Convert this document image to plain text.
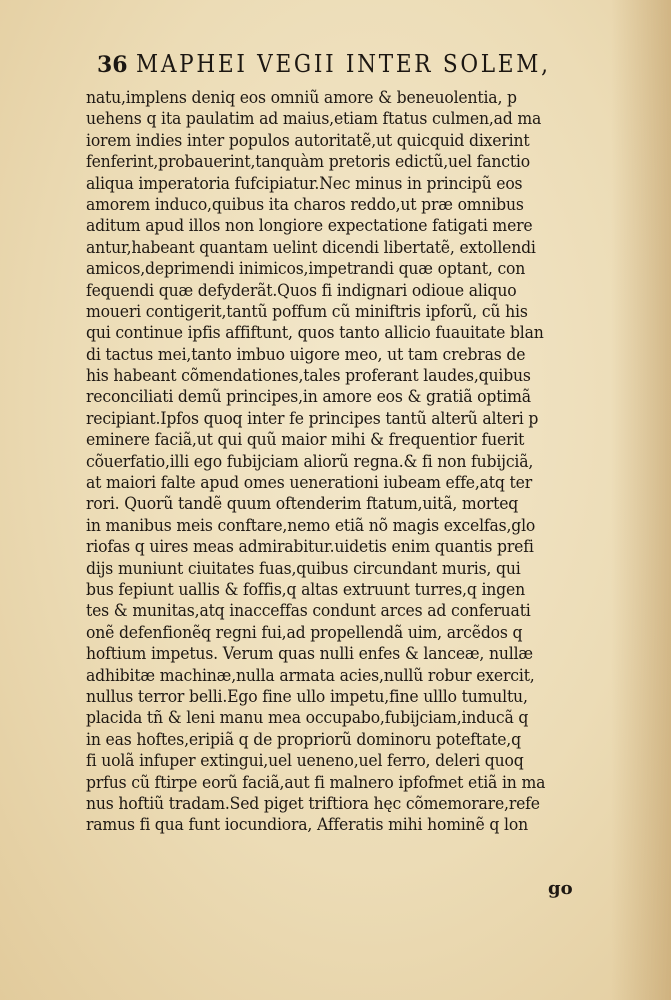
36 MAPHEI VEGII INTER SOLEM,
natu,implens deniq eos omniũ amore & beneuolentia, p
uehens q ita paulatim ad maius,etiam ftatus culmen,ad ma
iorem indies inter populos autoritatẽ,ut quicquid dixerint
fenferint,probauerint,tanquàm pretoris edictũ,uel fanctio
aliqua imperatoria fufcipiatur.Nec minus in principũ eos
amorem induco,quibus ita charos reddo,ut præ omnibus
aditum apud illos non longiore expectatione fatigati mere
antur,habeant quantam uelint dicendi libertatẽ, extollendi
amicos,deprimendi inimicos,impetrandi quæ optant, con
fequendi quæ defyderãt.Quos fi indignari odioue aliquo
moueri contigerit,tantũ poffum cũ miniftris ipforũ, cũ his
qui continue ipfis affiftunt, quos tanto allicio fuauitate blan
di tactus mei,tanto imbuo uigore meo, ut tam crebras de
his habeant cõmendationes,tales proferant laudes,quibus
reconciliati demũ principes,in amore eos & gratiã optimã
recipiant.Ipfos quoq inter fe principes tantũ alterũ alteri p
eminere faciã,ut qui quũ maior mihi & frequentior fuerit
cõuerfatio,illi ego fubijciam aliorũ regna.& fi non fubijciã,
at maiori falte apud omes uenerationi iubeam effe,atq ter
rori. Quorũ tandẽ quum oftenderim ftatum,uitã, morteq
in manibus meis conftare,nemo etiã nõ magis excelfas,glo
riofas q uires meas admirabitur.uidetis enim quantis prefi
dijs muniunt ciuitates fuas,quibus circundant muris, qui
bus fepiunt uallis & foffis,q altas extruunt turres,q ingen
tes & munitas,atq inacceffas condunt arces ad conferuati
onẽ defenfionẽq regni fui,ad propellendã uim, arcẽdos q
hoftium impetus. Verum quas nulli enfes & lanceæ, nullæ
adhibitæ machinæ,nulla armata acies,nullũ robur exercit,
nullus terror belli.Ego fine ullo impetu,fine ulllo tumultu,
placida tñ & leni manu mea occupabo,fubijciam,inducã q
in eas hoftes,eripiã q de propriorũ dominoru poteftate,q
fi uolã infuper extingui,uel ueneno,uel ferro, deleri quoq
prfus cũ ftirpe eorũ faciã,aut fi malnero ipfofmet etiã in ma
nus hoftiũ tradam.Sed piget triftiora hęc cõmemorare,refe
ramus fi qua funt iocundiora, Afferatis mihi hominẽ q lon
go
